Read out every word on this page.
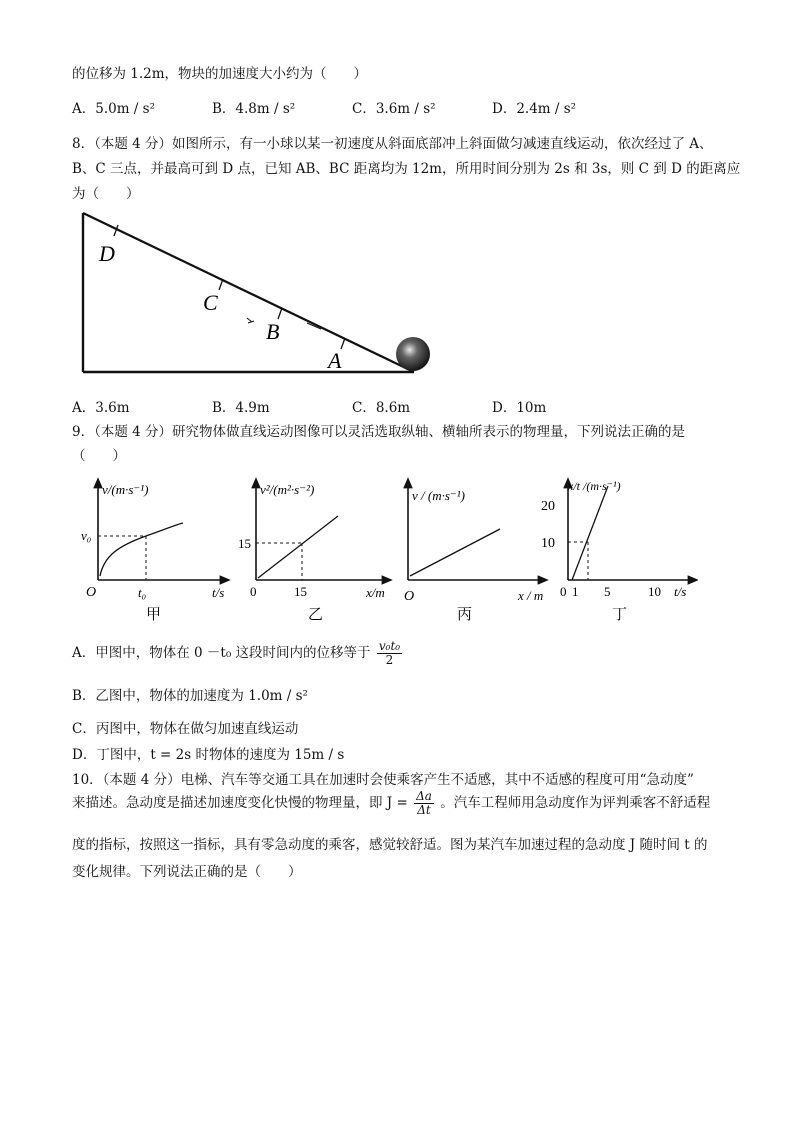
的位移为 1.2m，物块的加速度大小约为（　　）
A．5.0m / s²	B．4.8m / s²	C．3.6m / s²	D．2.4m / s²
8．（本题 4 分）如图所示，有一小球以某一初速度从斜面底部冲上斜面做匀减速直线运动，依次经过了 A、
B、C 三点，并最高可到 D 点，已知 AB、BC 距离均为 12m，所用时间分别为 2s 和 3s，则 C 到 D 的距离应
为（　　）
D
C
B
A
A．3.6m	B．4.9m	C．8.6m	D．10m
9．（本题 4 分）研究物体做直线运动图像可以灵活选取纵轴、横轴所表示的物理量，下列说法正确的是
（　　）
v/(m·s⁻¹)
v₀
O	t₀	t/s
甲
v²/(m²·s⁻²)
15
0	15	x/m
乙
v / (m·s⁻¹)
O	x / m
丙
x/t /(m·s⁻¹)
20
10
0 1 5	10 t/s
丁
A．甲图中，物体在 0 －t₀ 这段时间内的位移等于 $\frac{\text{v₀t₀}}{2}$
B．乙图中，物体的加速度为 1.0m / s²
C．丙图中，物体在做匀加速直线运动
D．丁图中，t = 2s 时物体的速度为 15m / s
10．（本题 4 分）电梯、汽车等交通工具在加速时会使乘客产生不适感，其中不适感的程度可用“急动度”
来描述。急动度是描述加速度变化快慢的物理量，即 $J = \frac{\Delta a}{\Delta t}$ 。汽车工程师用急动度作为评判乘客不舒适程
度的指标，按照这一指标，具有零急动度的乘客，感觉较舒适。图为某汽车加速过程的急动度 J 随时间 t 的
变化规律。下列说法正确的是（　　）
